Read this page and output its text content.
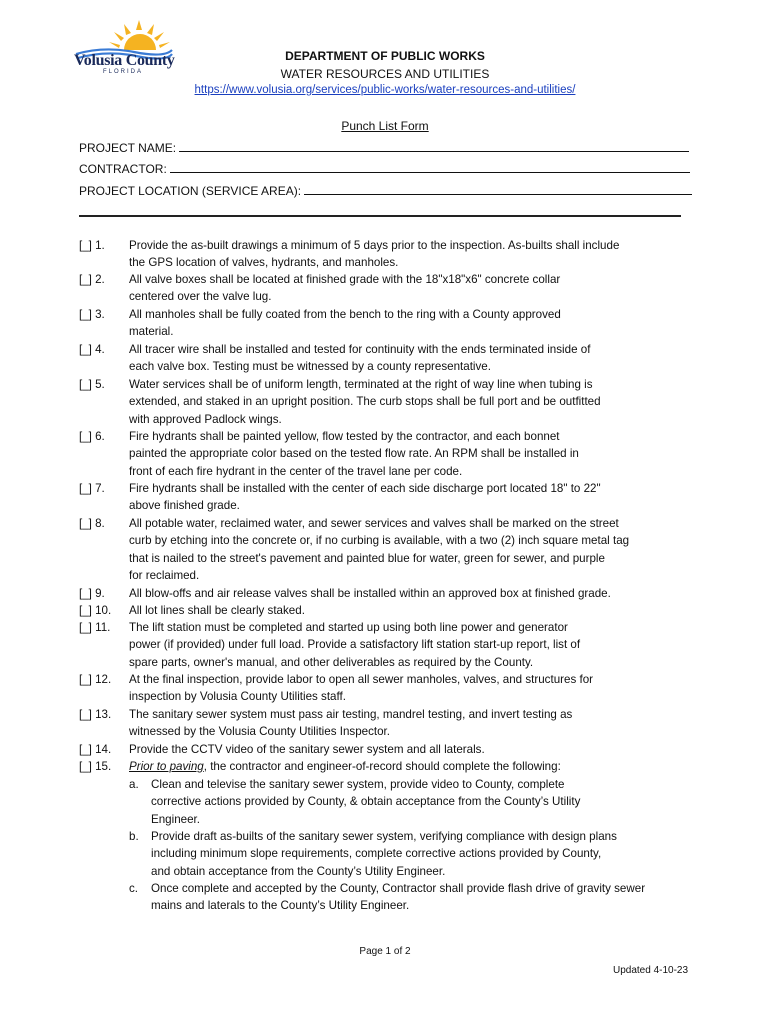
Volusia County
FLORIDA
DEPARTMENT OF PUBLIC WORKS
WATER RESOURCES AND UTILITIES
https://www.volusia.org/services/public-works/water-resources-and-utilities/
Punch List Form
PROJECT NAME:
CONTRACTOR:
PROJECT LOCATION (SERVICE AREA):
[_] 1.	Provide the as-built drawings a minimum of 5 days prior to the inspection. As-builts shall include
the GPS location of valves, hydrants, and manholes.
[_] 2.	All valve boxes shall be located at finished grade with the 18"x18"x6" concrete collar
centered over the valve lug.
[_] 3.	All manholes shall be fully coated from the bench to the ring with a County approved
material.
[_] 4.	All tracer wire shall be installed and tested for continuity with the ends terminated inside of
each valve box. Testing must be witnessed by a county representative.
[_] 5.	Water services shall be of uniform length, terminated at the right of way line when tubing is
extended, and staked in an upright position. The curb stops shall be full port and be outfitted
with approved Padlock wings.
[_] 6.	Fire hydrants shall be painted yellow, flow tested by the contractor, and each bonnet
painted the appropriate color based on the tested flow rate. An RPM shall be installed in
front of each fire hydrant in the center of the travel lane per code.
[_] 7.	Fire hydrants shall be installed with the center of each side discharge port located 18" to 22"
above finished grade.
[_] 8.	All potable water, reclaimed water, and sewer services and valves shall be marked on the street
curb by etching into the concrete or, if no curbing is available, with a two (2) inch square metal tag
that is nailed to the street's pavement and painted blue for water, green for sewer, and purple
for reclaimed.
[_] 9.	All blow-offs and air release valves shall be installed within an approved box at finished grade.
[_] 10.	All lot lines shall be clearly staked.
[_] 11.	The lift station must be completed and started up using both line power and generator
power (if provided) under full load. Provide a satisfactory lift station start-up report, list of
spare parts, owner's manual, and other deliverables as required by the County.
[_] 12.	At the final inspection, provide labor to open all sewer manholes, valves, and structures for
inspection by Volusia County Utilities staff.
[_] 13.	The sanitary sewer system must pass air testing, mandrel testing, and invert testing as
witnessed by the Volusia County Utilities Inspector.
[_] 14.	Provide the CCTV video of the sanitary sewer system and all laterals.
[_] 15.	Prior to paving, the contractor and engineer-of-record should complete the following:
a.	Clean and televise the sanitary sewer system, provide video to County, complete
corrective actions provided by County, & obtain acceptance from the County’s Utility
Engineer.
b.	Provide draft as-builts of the sanitary sewer system, verifying compliance with design plans
including minimum slope requirements, complete corrective actions provided by County,
and obtain acceptance from the County’s Utility Engineer.
c.	Once complete and accepted by the County, Contractor shall provide flash drive of gravity sewer
mains and laterals to the County’s Utility Engineer.
Page 1 of 2
Updated 4-10-23
